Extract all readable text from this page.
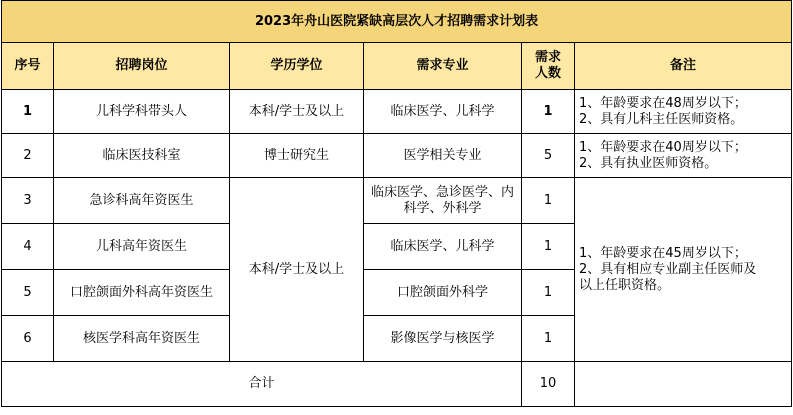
2023年舟山医院紧缺高层次人才招聘需求计划表					
序号	招聘岗位	学历学位	需求专业	需求人数	备注
1	儿科学科带头人	本科/学士及以上	临床医学、儿科学	1	1、年龄要求在48周岁以下；
2、具有儿科主任医师资格。

2	临床医技科室	博士研究生	医学相关专业	5	1、年龄要求在40周岁以下；
2、具有执业医师资格。

3	急诊科高年资医生	本科/学士及以上	临床医学、急诊医学、内科学、外科学	1	1、年龄要求在45周岁以下；
2、具有相应专业副主任医师及
以上任职资格。

4	儿科高年资医生		临床医学、儿科学	1	
5	口腔颌面外科高年资医生		口腔颌面外科学	1	
6	核医学科高年资医生		影像医学与核医学	1	
合计				10	
